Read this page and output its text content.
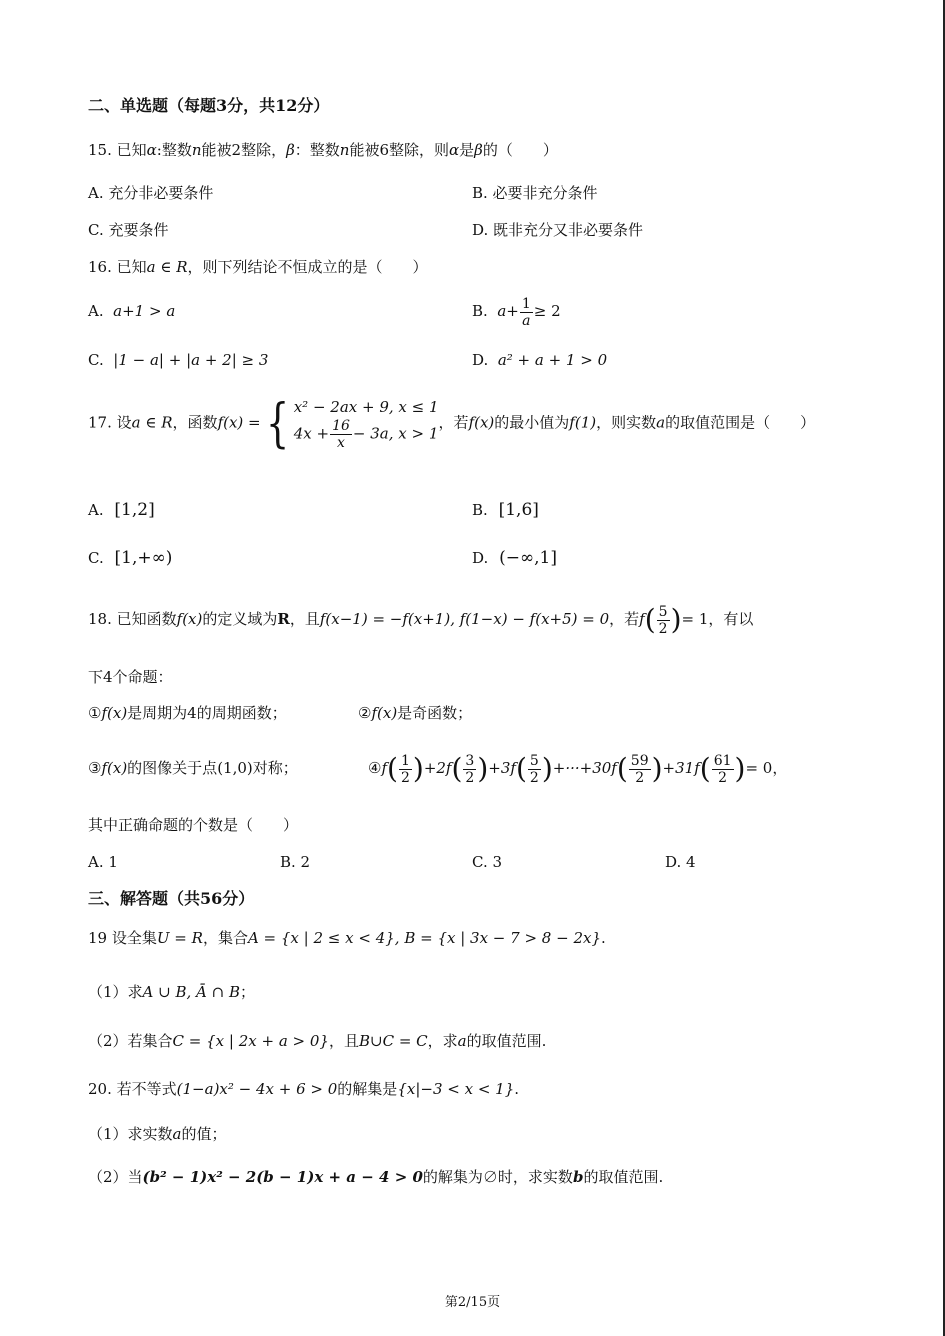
二、单选题（每题3分，共12分）
15. 已知α:整数n能被2整除，β：整数n能被6整除，则α是β的（　　）
A. 充分非必要条件	B. 必要非充分条件
C. 充要条件	D. 既非充分又非必要条件
16. 已知a ∈ R，则下列结论不恒成立的是（　　）
A. a+1 > a	B. $a+ \frac{1}{a} \ge 2$
C. |1 − a| + |a + 2| ≥ 3	D. a² + a + 1 > 0
17. 设a ∈ R，函数f(x) ={ x² − 2ax + 9, x ≤ 1
$4x + \frac{16}{x} - 3a$, x > 1
，若f(x)的最小值为f(1)，则实数a的取值范围是（　　）
A. [1,2]	B. [1,6]
C. [1,+∞)	D. (−∞,1]
18. 已知函数f(x)的定义域为R，且f(x−1) = −f(x+1), f(1−x) − f(x+5) = 0，若$f( \frac{5}{2}$ )= 1，有以
下4个命题：
①f(x)是周期为4的周期函数；	②f(x)是奇函数；
③f(x)的图像关于点(1,0)对称；	④f( $\frac{1}{2} )+2f( \frac{3}{2} )+3f( \frac{5}{2} )+\cdot\cdot\cdot+30f( \frac{59}{2} )+31f( \frac{61}{2}$ )= 0，
其中正确命题的个数是（　　）
A. 1	B. 2	C. 3	D. 4
三、解答题（共56分）
19 设全集U = R，集合A = {x | 2 ≤ x < 4}, B = {x | 3x − 7 > 8 − 2x}.
（1）求A ∪ B, Ā ∩ B；
（2）若集合C = {x | 2x + a > 0}，且B∪C = C，求a的取值范围.
20. 若不等式(1−a)x² − 4x + 6 > 0的解集是{x|−3 < x < 1}.
（1）求实数a的值；
（2）当(b² − 1)x² − 2(b − 1)x + a − 4 > 0的解集为∅时，求实数b的取值范围.
第2/15页
